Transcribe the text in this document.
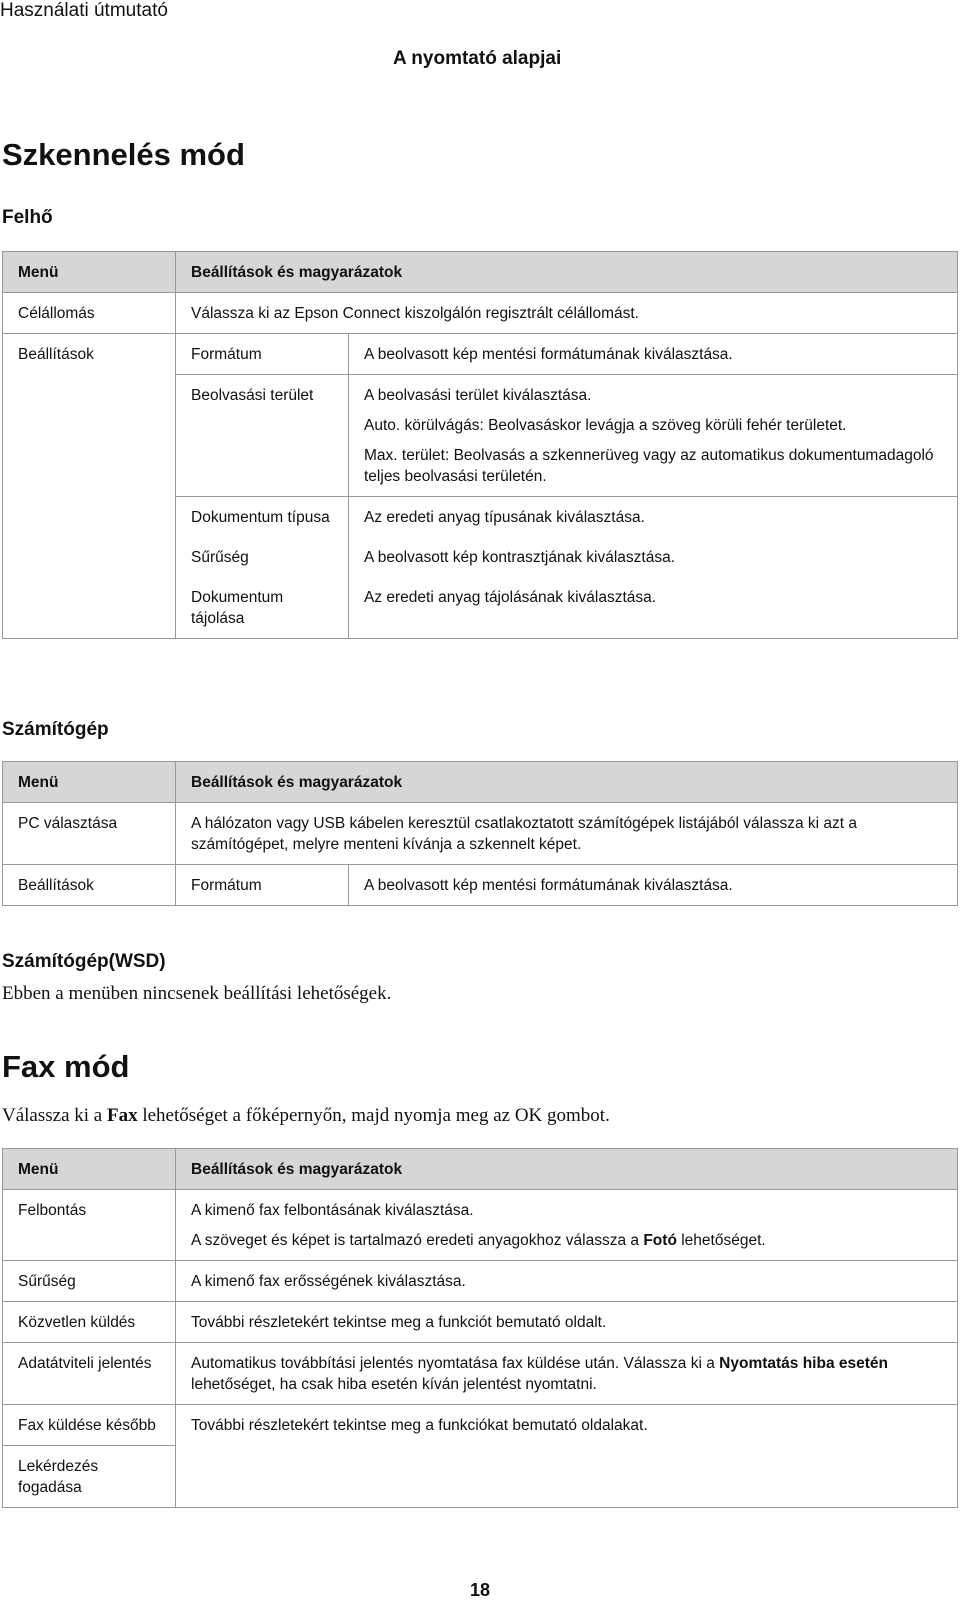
Használati útmutató
A nyomtató alapjai
Szkennelés mód
Felhő
Menü	Beállítások és magyarázatok	
Célállomás	Válassza ki az Epson Connect kiszolgálón regisztrált célállomást.	
Beállítások	Formátum	A beolvasott kép mentési formátumának kiválasztása.
	Beolvasási terület	A beolvasási terület kiválasztása.
Auto. körülvágás: Beolvasáskor levágja a szöveg körüli fehér területet.
Max. terület: Beolvasás a szkennerüveg vagy az automatikus dokumentumadagoló teljes beolvasási területén.

	Dokumentum típusa	Az eredeti anyag típusának kiválasztása.
	Sűrűség	A beolvasott kép kontrasztjának kiválasztása.
	Dokumentum tájolása	Az eredeti anyag tájolásának kiválasztása.
Számítógép
Menü	Beállítások és magyarázatok	
PC választása	A hálózaton vagy USB kábelen keresztül csatlakoztatott számítógépek listájából válassza ki azt a számítógépet, melyre menteni kívánja a szkennelt képet.	
Beállítások	Formátum	A beolvasott kép mentési formátumának kiválasztása.
Számítógép(WSD)
Ebben a menüben nincsenek beállítási lehetőségek.
Fax mód
Válassza ki a Fax lehetőséget a főképernyőn, majd nyomja meg az OK gombot.
Menü	Beállítások és magyarázatok
Felbontás	A kimenő fax felbontásának kiválasztása.
A szöveget és képet is tartalmazó eredeti anyagokhoz válassza a Fotó lehetőséget.

Sűrűség	A kimenő fax erősségének kiválasztása.
Közvetlen küldés	További részletekért tekintse meg a funkciót bemutató oldalt.
Adatátviteli jelentés	Automatikus továbbítási jelentés nyomtatása fax küldése után. Válassza ki a Nyomtatás hiba esetén lehetőséget, ha csak hiba esetén kíván jelentést nyomtatni.
Fax küldése később	További részletekért tekintse meg a funkciókat bemutató oldalakat.
Lekérdezés fogadása	
18
